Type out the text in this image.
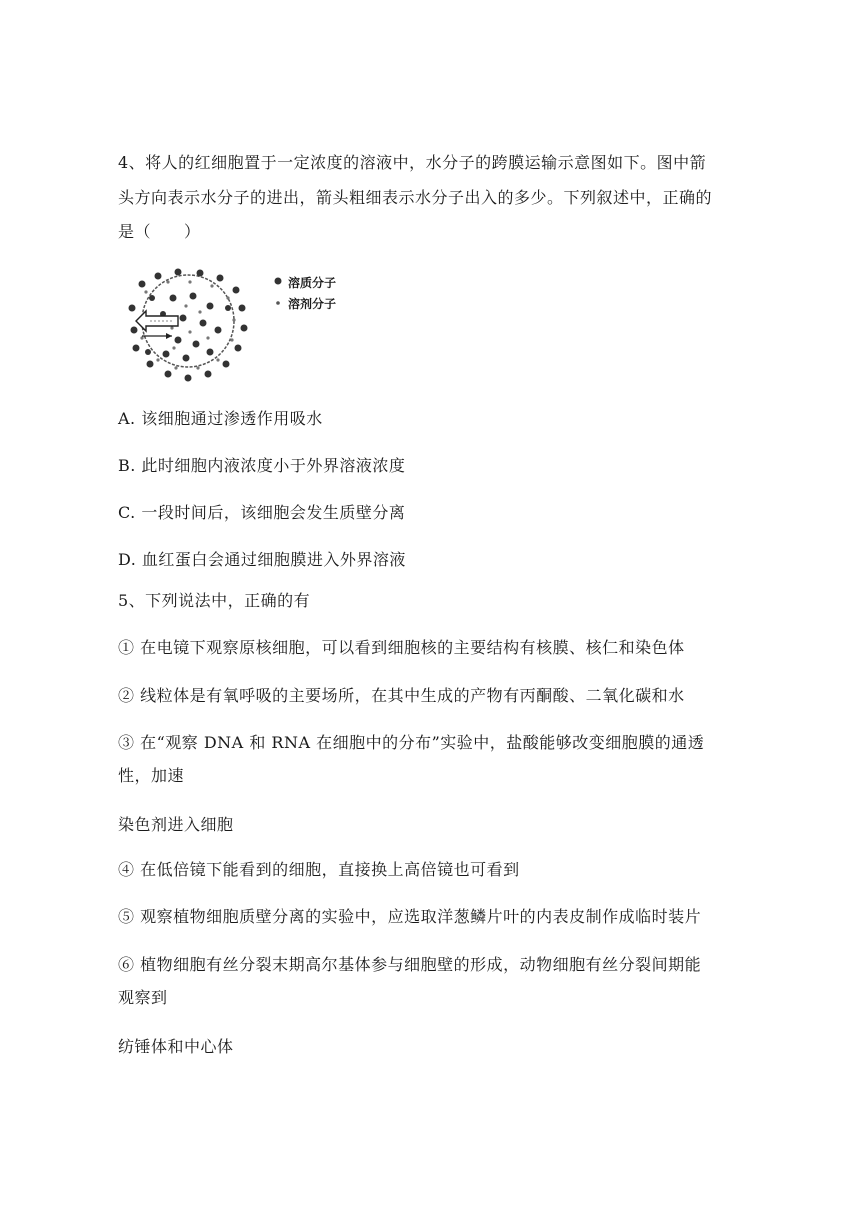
4、将人的红细胞置于一定浓度的溶液中，水分子的跨膜运输示意图如下。图中箭
头方向表示水分子的进出，箭头粗细表示水分子出入的多少。下列叙述中，正确的
是（　　）
溶质分子
溶剂分子
A. 该细胞通过渗透作用吸水
B. 此时细胞内液浓度小于外界溶液浓度
C. 一段时间后，该细胞会发生质壁分离
D. 血红蛋白会通过细胞膜进入外界溶液
5、下列说法中，正确的有
① 在电镜下观察原核细胞，可以看到细胞核的主要结构有核膜、核仁和染色体
② 线粒体是有氧呼吸的主要场所，在其中生成的产物有丙酮酸、二氧化碳和水
③ 在“观察 DNA 和 RNA 在细胞中的分布”实验中，盐酸能够改变细胞膜的通透
性，加速
染色剂进入细胞
④ 在低倍镜下能看到的细胞，直接换上高倍镜也可看到
⑤ 观察植物细胞质壁分离的实验中，应选取洋葱鳞片叶的内表皮制作成临时装片
⑥ 植物细胞有丝分裂末期高尔基体参与细胞壁的形成，动物细胞有丝分裂间期能
观察到
纺锤体和中心体
